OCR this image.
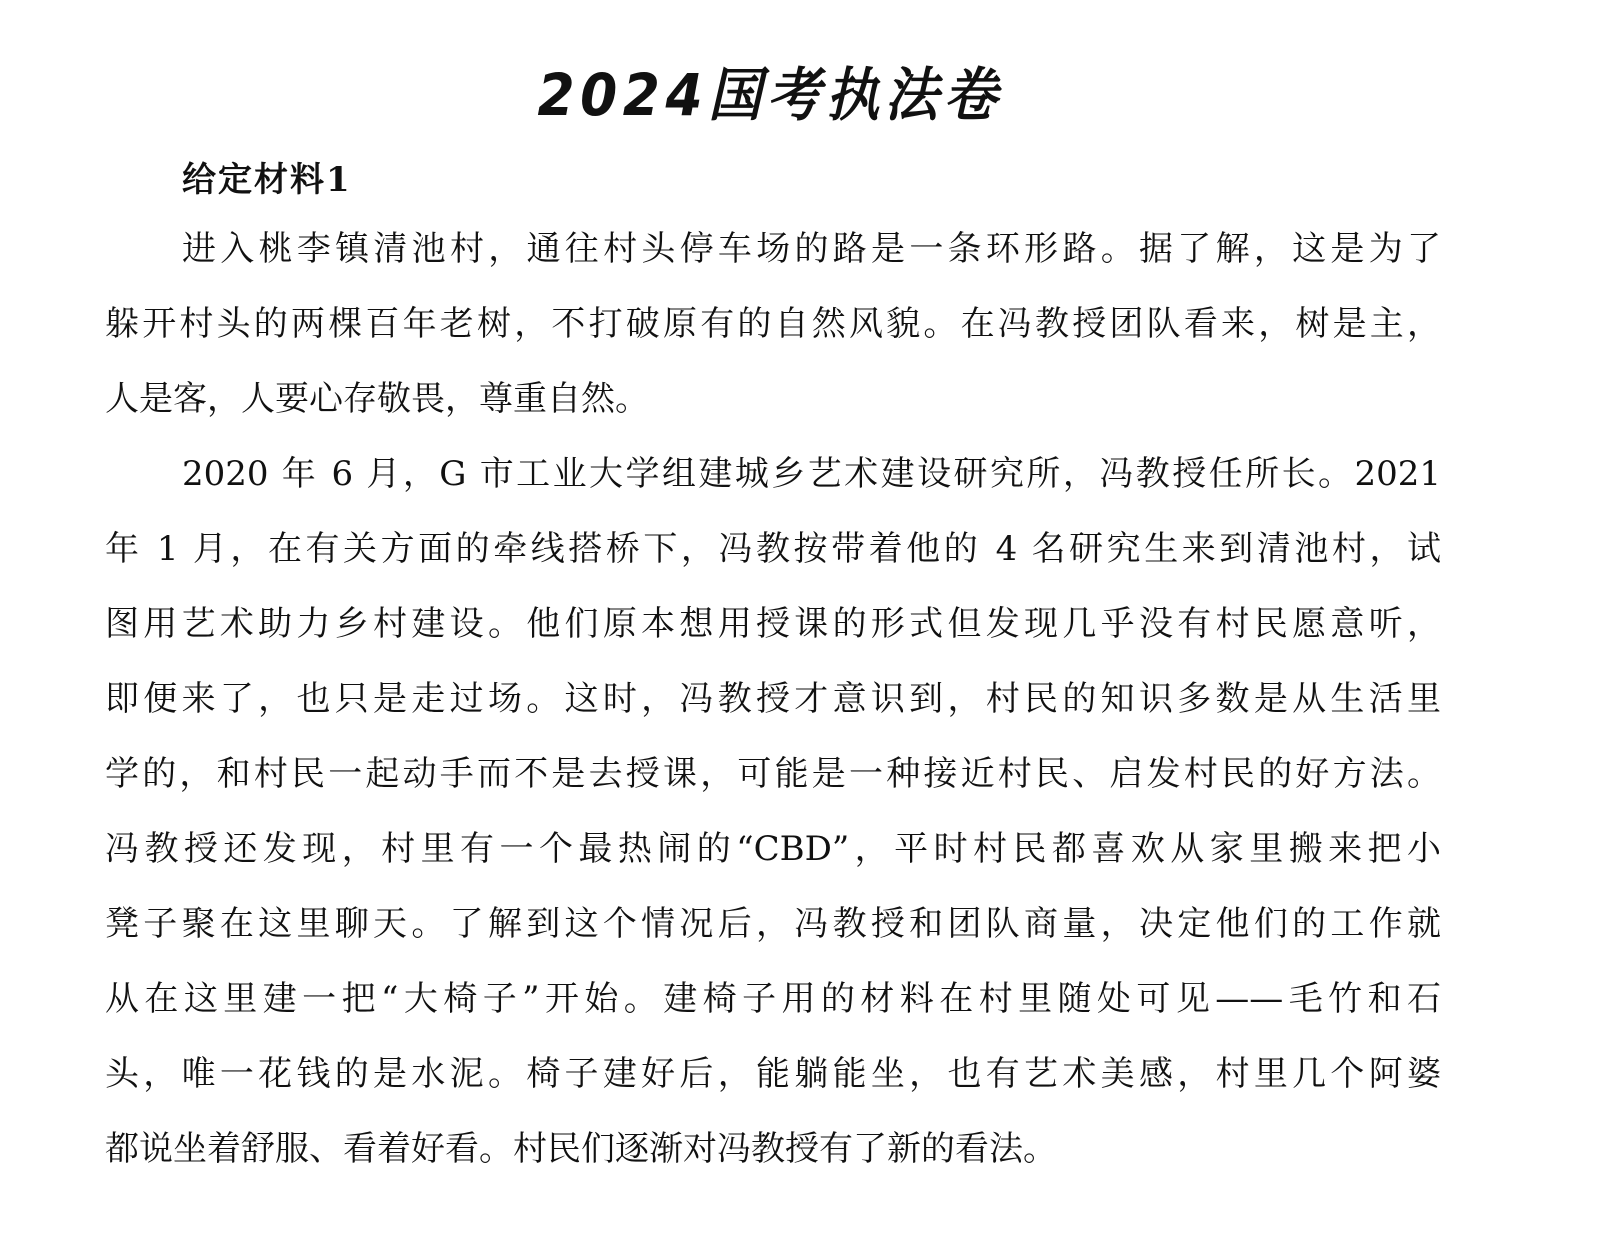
2024国考执法卷
给定材料1
进入桃李镇清池村，通往村头停车场的路是一条环形路。据了解，这是为了
躲开村头的两棵百年老树，不打破原有的自然风貌。在冯教授团队看来，树是主，
人是客，人要心存敬畏，尊重自然。
2020 年 6 月，G 市工业大学组建城乡艺术建设研究所，冯教授任所长。2021
年 1 月，在有关方面的牵线搭桥下，冯教按带着他的 4 名研究生来到清池村，试
图用艺术助力乡村建设。他们原本想用授课的形式但发现几乎没有村民愿意听，
即便来了，也只是走过场。这时，冯教授才意识到，村民的知识多数是从生活里
学的，和村民一起动手而不是去授课，可能是一种接近村民、启发村民的好方法。
冯教授还发现，村里有一个最热闹的“CBD”，平时村民都喜欢从家里搬来把小
凳子聚在这里聊天。了解到这个情况后，冯教授和团队商量，决定他们的工作就
从在这里建一把“大椅子”开始。建椅子用的材料在村里随处可见——毛竹和石
头，唯一花钱的是水泥。椅子建好后，能躺能坐，也有艺术美感，村里几个阿婆
都说坐着舒服、看着好看。村民们逐渐对冯教授有了新的看法。
